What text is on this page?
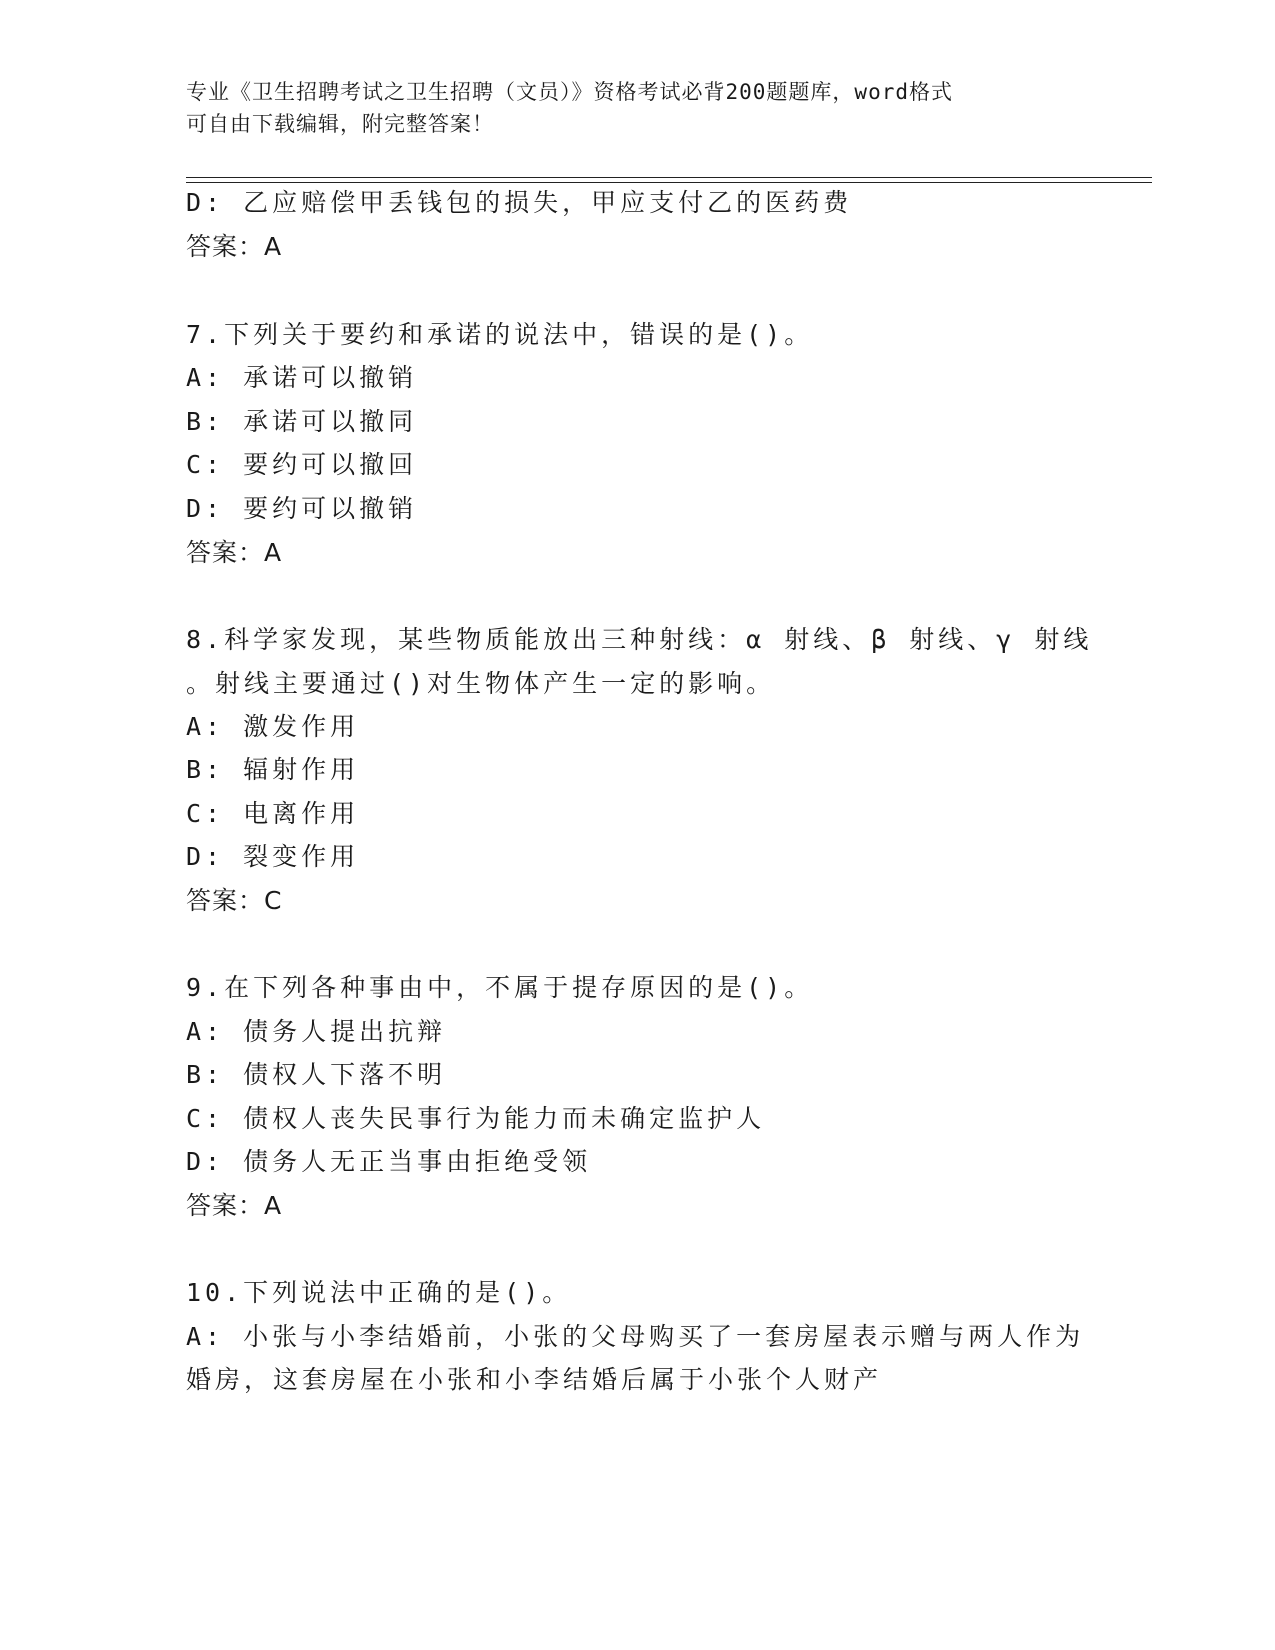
专业《卫生招聘考试之卫生招聘（文员）》资格考试必背200题题库，word格式
可自由下载编辑，附完整答案！
D: 乙应赔偿甲丢钱包的损失，甲应支付乙的医药费
答案：A
7.下列关于要约和承诺的说法中，错误的是()。
A: 承诺可以撤销
B: 承诺可以撤同
C: 要约可以撤回
D: 要约可以撤销
答案：A
8.科学家发现，某些物质能放出三种射线：α 射线、β 射线、γ 射线
。射线主要通过()对生物体产生一定的影响。
A: 激发作用
B: 辐射作用
C: 电离作用
D: 裂变作用
答案：C
9.在下列各种事由中，不属于提存原因的是()。
A: 债务人提出抗辩
B: 债权人下落不明
C: 债权人丧失民事行为能力而未确定监护人
D: 债务人无正当事由拒绝受领
答案：A
10.下列说法中正确的是()。
A: 小张与小李结婚前，小张的父母购买了一套房屋表示赠与两人作为
婚房，这套房屋在小张和小李结婚后属于小张个人财产
